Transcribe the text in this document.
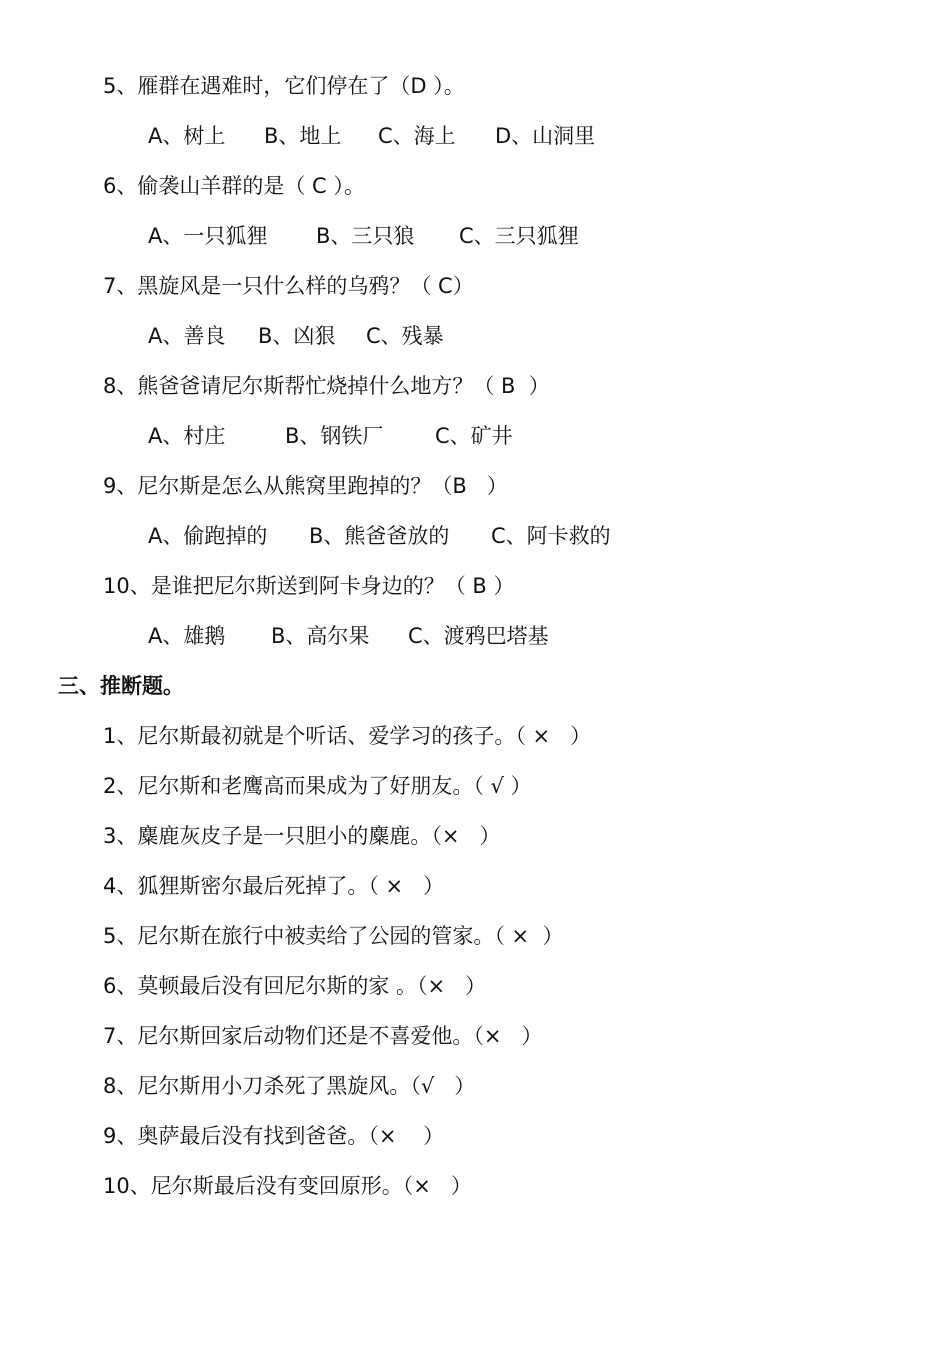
5、雁群在遇难时，它们停在了（D ）。
A、树上 B、地上 C、海上 D、山洞里
6、偷袭山羊群的是（ C ）。
A、一只狐狸 B、三只狼 C、三只狐狸
7、黑旋风是一只什么样的乌鸦？（ C）
A、善良 B、凶狠 C、残暴
8、熊爸爸请尼尔斯帮忙烧掉什么地方？（ B  ）
A、村庄	B、钢铁厂 C、矿井
9、尼尔斯是怎么从熊窝里跑掉的？（B   ）
A、偷跑掉的 B、熊爸爸放的 C、阿卡救的
10、是谁把尼尔斯送到阿卡身边的？（ B ）
A、雄鹅 B、高尔果 C、渡鸦巴塔基
三、推断题。
1、尼尔斯最初就是个听话、爱学习的孩子。（ ×   ）
2、尼尔斯和老鹰高而果成为了好朋友。（ √ ）
3、麋鹿灰皮子是一只胆小的麋鹿。（×   ）
4、狐狸斯密尔最后死掉了。（ ×   ）
5、尼尔斯在旅行中被卖给了公园的管家。（ ×  ）
6、莫顿最后没有回尼尔斯的家 。（×   ）
7、尼尔斯回家后动物们还是不喜爱他。（×   ）
8、尼尔斯用小刀杀死了黑旋风。（√   ）
9、奥萨最后没有找到爸爸。（×    ）
10、尼尔斯最后没有变回原形。（×   ）
